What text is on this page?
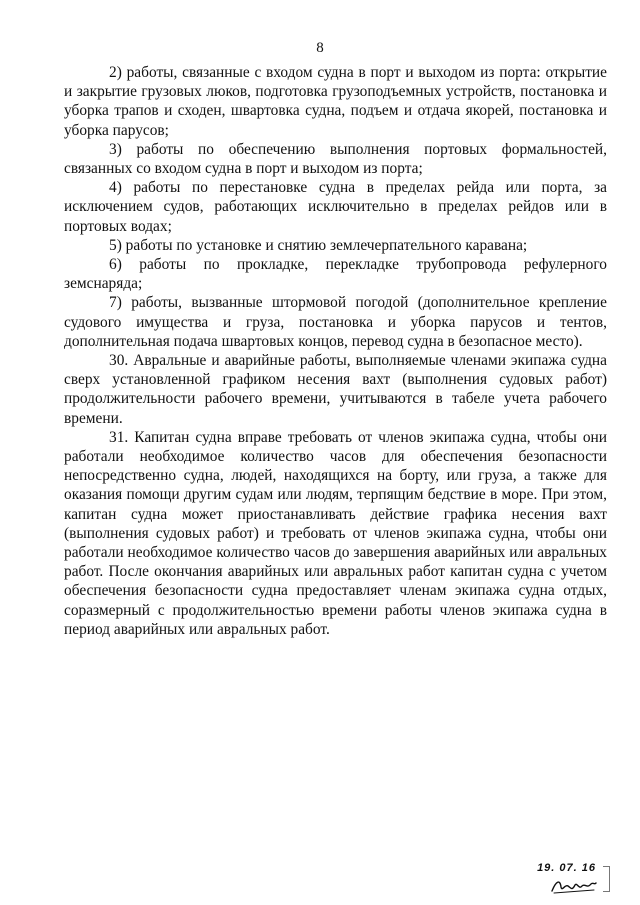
8

2) работы, связанные с входом судна в порт и выходом из порта: открытие и закрытие грузовых люков, подготовка грузоподъемных устройств, постановка и уборка трапов и сходен, швартовка судна, подъем и отдача якорей, постановка и уборка парусов;

3) работы по обеспечению выполнения портовых формальностей, связанных со входом судна в порт и выходом из порта;

4) работы по перестановке судна в пределах рейда или порта, за исключением судов, работающих исключительно в пределах рейдов или в портовых водах;

5) работы по установке и снятию землечерпательного каравана;

6) работы по прокладке, перекладке трубопровода рефулерного земснаряда;

7) работы, вызванные штормовой погодой (дополнительное крепление судового имущества и груза, постановка и уборка парусов и тентов, дополнительная подача швартовых концов, перевод судна в безопасное место).

30. Авральные и аварийные работы, выполняемые членами экипажа судна сверх установленной графиком несения вахт (выполнения судовых работ) продолжительности рабочего времени, учитываются в табеле учета рабочего времени.

31. Капитан судна вправе требовать от членов экипажа судна, чтобы они работали необходимое количество часов для обеспечения безопасности непосредственно судна, людей, находящихся на борту, или груза, а также для оказания помощи другим судам или людям, терпящим бедствие в море. При этом, капитан судна может приостанавливать действие графика несения вахт (выполнения судовых работ) и требовать от членов экипажа судна, чтобы они работали необходимое количество часов до завершения аварийных или авральных работ. После окончания аварийных или авральных работ капитан судна с учетом обеспечения безопасности судна предоставляет членам экипажа судна отдых, соразмерный с продолжительностью времени работы членов экипажа судна в период аварийных или авральных работ.

19. 07. 16
